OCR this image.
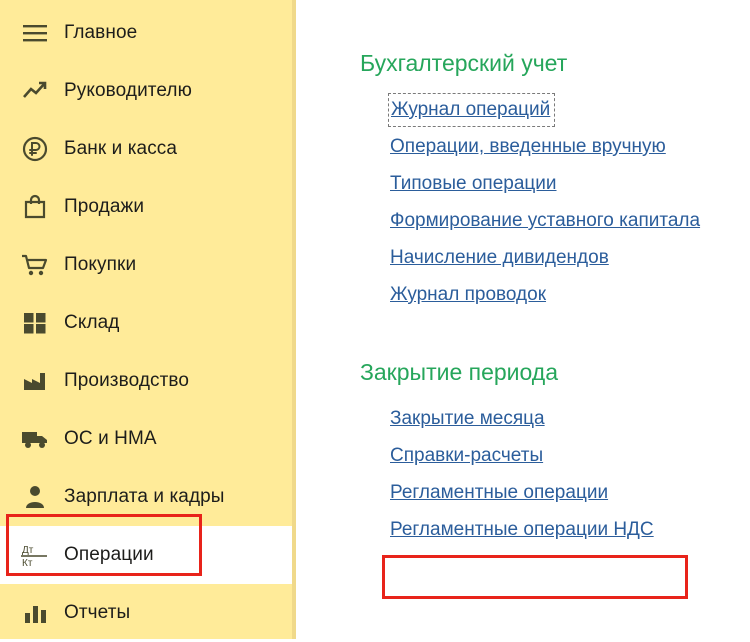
Главное
Руководителю
Банк и касса
Продажи
Покупки
Склад
Производство
ОС и НМА
Зарплата и кадры
Дт
Кт Операции
Отчеты
Бухгалтерский учет
Журнал операций
Операции, введенные вручную
Типовые операции
Формирование уставного капитала
Начисление дивидендов
Журнал проводок
Закрытие периода
Закрытие месяца
Справки-расчеты
Регламентные операции
Регламентные операции НДС
